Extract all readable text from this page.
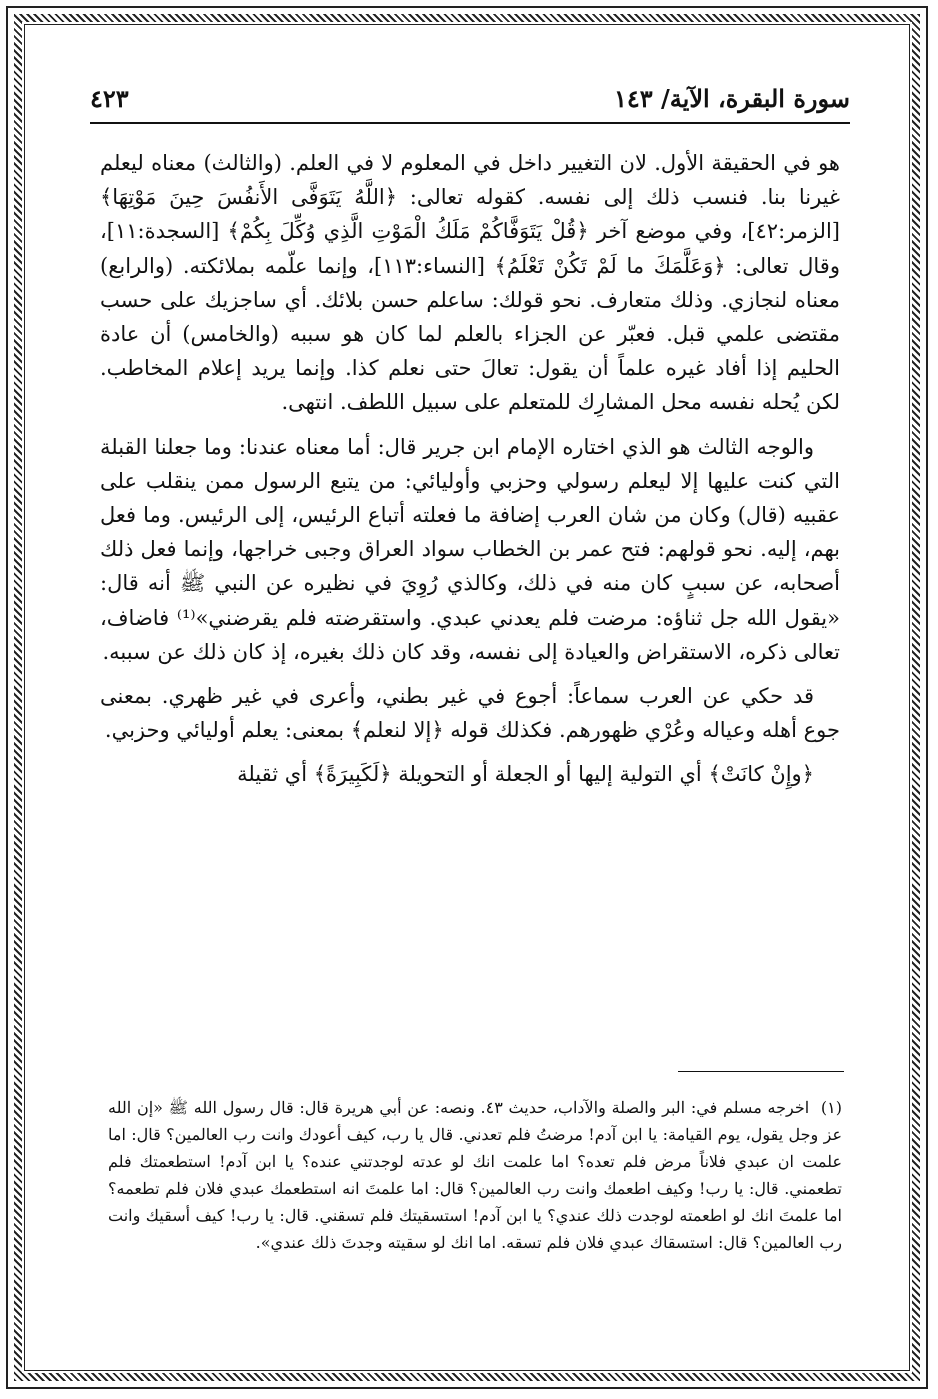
سورة البقرة، الآية/ ١٤٣
٤٢٣

هو في الحقيقة الأول. لان التغيير داخل في المعلوم لا في العلم. (والثالث) معناه ليعلم غيرنا بنا. فنسب ذلك إلى نفسه. كقوله تعالى: ﴿اللَّهُ يَتَوَفَّى الأَنفُسَ حِينَ مَوْتِهَا﴾ [الزمر:٤٢]، وفي موضع آخر ﴿قُلْ يَتَوَفَّاكُمْ مَلَكُ الْمَوْتِ الَّذِي وُكِّلَ بِكُمْ﴾ [السجدة:١١]، وقال تعالى: ﴿وَعَلَّمَكَ ما لَمْ تَكُنْ تَعْلَمُ﴾ [النساء:١١٣]، وإنما علّمه بملائكته. (والرابع) معناه لنجازي. وذلك متعارف. نحو قولك: ساعلم حسن بلائك. أي ساجزيك على حسب مقتضى علمي قبل. فعبّر عن الجزاء بالعلم لما كان هو سببه (والخامس) أن عادة الحليم إذا أفاد غيره علماً أن يقول: تعالَ حتى نعلم كذا. وإنما يريد إعلام المخاطب. لكن يُحله نفسه محل المشارِك للمتعلم على سبيل اللطف. انتهى.

والوجه الثالث هو الذي اختاره الإمام ابن جرير قال: أما معناه عندنا: وما جعلنا القبلة التي كنت عليها إلا ليعلم رسولي وحزبي وأوليائي: من يتبع الرسول ممن ينقلب على عقبيه (قال) وكان من شان العرب إضافة ما فعلته أتباع الرئيس، إلى الرئيس. وما فعل بهم، إليه. نحو قولهم: فتح عمر بن الخطاب سواد العراق وجبى خراجها، وإنما فعل ذلك أصحابه، عن سببٍ كان منه في ذلك، وكالذي رُوِيَ في نظيره عن النبي ﷺ أنه قال: «يقول الله جل ثناؤه: مرضت فلم يعدني عبدي. واستقرضته فلم يقرضني»⁽¹⁾ فاضاف، تعالى ذكره، الاستقراض والعيادة إلى نفسه، وقد كان ذلك بغيره، إذ كان ذلك عن سببه.

قد حكي عن العرب سماعاً: أجوع في غير بطني، وأعرى في غير ظهري. بمعنى جوع أهله وعياله وعُرْي ظهورهم. فكذلك قوله ﴿إلا لنعلم﴾ بمعنى: يعلم أوليائي وحزبي.

﴿وإِنْ كانَتْ﴾ أي التولية إليها أو الجعلة أو التحويلة ﴿لَكَبِيرَةً﴾ أي ثقيلة

(١) اخرجه مسلم في: البر والصلة والآداب، حديث ٤٣. ونصه: عن أبي هريرة قال: قال رسول الله ﷺ «إن الله عز وجل يقول، يوم القيامة: يا ابن آدم! مرضتُ فلم تعدني. قال يا رب، كيف أعودك وانت رب العالمين؟ قال: اما علمت ان عبدي فلاناً مرض فلم تعده؟ اما علمت انك لو عدته لوجدتني عنده؟ يا ابن آدم! استطعمتك فلم تطعمني. قال: يا رب! وكيف اطعمك وانت رب العالمين؟ قال: اما علمتَ انه استطعمك عبدي فلان فلم تطعمه؟ اما علمتَ انك لو اطعمته لوجدت ذلك عندي؟ يا ابن آدم! استسقيتك فلم تسقني. قال: يا رب! كيف أسقيك وانت رب العالمين؟ قال: استسقاك عبدي فلان فلم تسقه. اما انك لو سقيته وجدتَ ذلك عندي».
